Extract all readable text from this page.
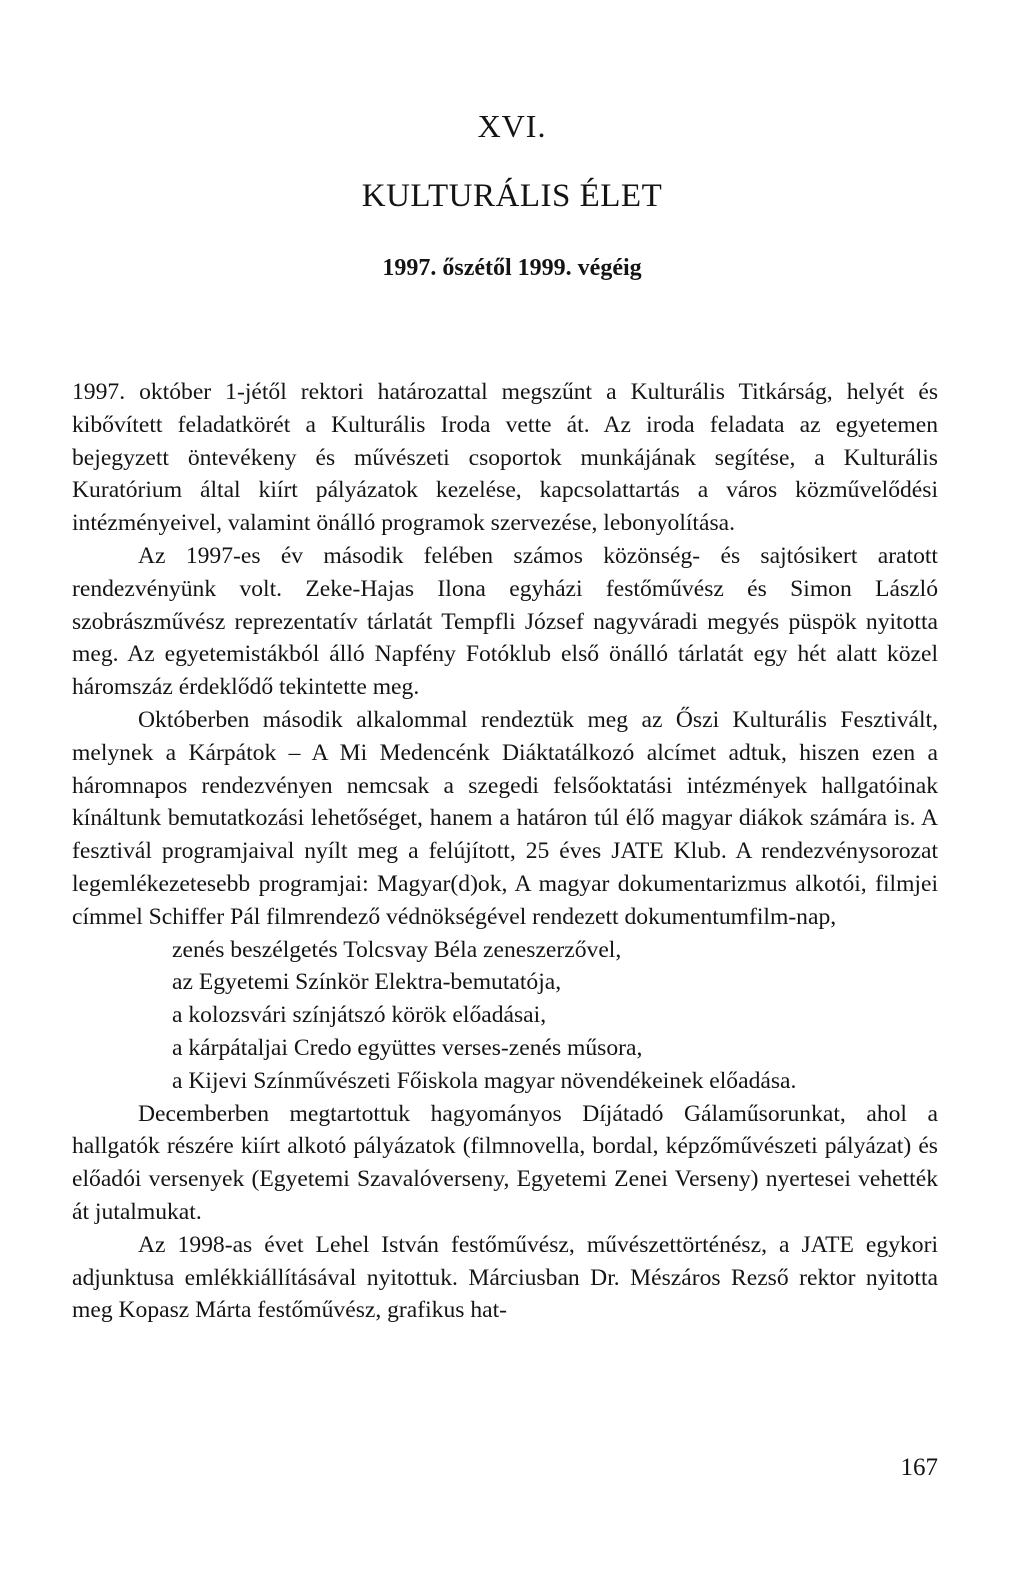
XVI.
KULTURÁLIS ÉLET
1997. őszétől 1999. végéig

1997. október 1-jétől rektori határozattal megszűnt a Kulturális Titkárság, helyét és kibővített feladatkörét a Kulturális Iroda vette át. Az iroda feladata az egyetemen bejegyzett öntevékeny és művészeti csoportok munkájának segítése, a Kulturális Kuratórium által kiírt pályázatok kezelése, kapcsolattartás a város közművelődési intézményeivel, valamint önálló programok szervezése, lebonyolítása.

Az 1997-es év második felében számos közönség- és sajtósikert aratott rendezvényünk volt. Zeke-Hajas Ilona egyházi festőművész és Simon László szobrászművész reprezentatív tárlatát Tempfli József nagyváradi megyés püspök nyitotta meg. Az egyetemistákból álló Napfény Fotóklub első önálló tárlatát egy hét alatt közel háromszáz érdeklődő tekintette meg.

Októberben második alkalommal rendeztük meg az Őszi Kulturális Fesztivált, melynek a Kárpátok – A Mi Medencénk Diáktatálkozó alcímet adtuk, hiszen ezen a háromnapos rendezvényen nemcsak a szegedi felsőoktatási intézmények hallgatóinak kínáltunk bemutatkozási lehetőséget, hanem a határon túl élő magyar diákok számára is. A fesztivál programjaival nyílt meg a felújított, 25 éves JATE Klub. A rendezvénysorozat legemlékezetesebb programjai: Magyar(d)ok, A magyar dokumentarizmus alkotói, filmjei címmel Schiffer Pál filmrendező védnökségével rendezett dokumentumfilm-nap,

zenés beszélgetés Tolcsvay Béla zeneszerzővel,
az Egyetemi Színkör Elektra-bemutatója,
a kolozsvári színjátszó körök előadásai,
a kárpátaljai Credo együttes verses-zenés műsora,
a Kijevi Színművészeti Főiskola magyar növendékeinek előadása.

Decemberben megtartottuk hagyományos Díjátadó Gálaműsorunkat, ahol a hallgatók részére kiírt alkotó pályázatok (filmnovella, bordal, képzőművészeti pályázat) és előadói versenyek (Egyetemi Szavalóverseny, Egyetemi Zenei Verseny) nyertesei vehették át jutalmukat.

Az 1998-as évet Lehel István festőművész, művészettörténész, a JATE egykori adjunktusa emlékkiállításával nyitottuk. Márciusban Dr. Mészáros Rezső rektor nyitotta meg Kopasz Márta festőművész, grafikus hat-

167
